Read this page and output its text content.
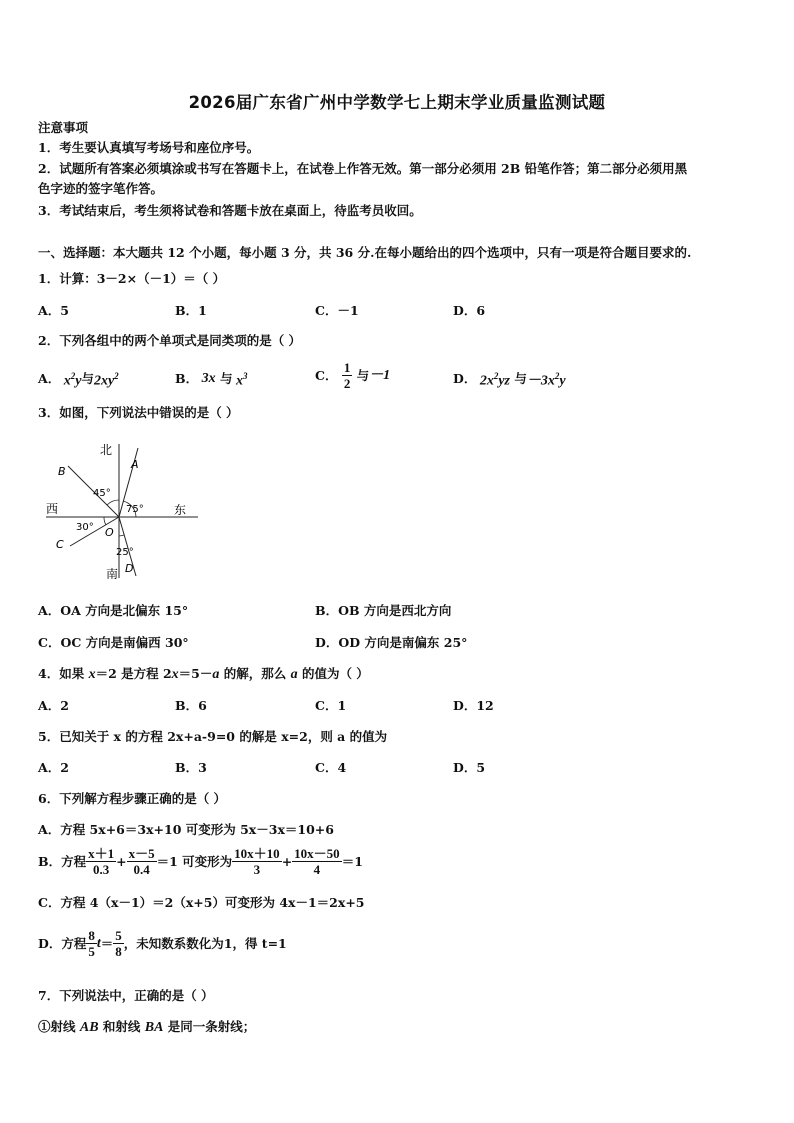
2026届广东省广州中学数学七上期末学业质量监测试题
注意事项
1．考生要认真填写考场号和座位序号。
2．试题所有答案必须填涂或书写在答题卡上，在试卷上作答无效。第一部分必须用 2B 铅笔作答；第二部分必须用黑
色字迹的签字笔作答。
3．考试结束后，考生须将试卷和答题卡放在桌面上，待监考员收回。
一、选择题：本大题共 12 个小题，每小题 3 分，共 36 分.在每小题给出的四个选项中，只有一项是符合题目要求的.
1．计算：3－2×（－1）＝（ ）
A．5	B．1	C．－1	D．6
2．下列各组中的两个单项式是同类项的是（ ）
A． $x^2y$ 与 $2xy^2$	B． 3x
与 $x^3$	C．
$\frac{1}{2}$
与 －1	D． $2x^2yz$
与 $-3x^2y$
3．如图，下列说法中错误的是（ ）
北
南
西	东
A
B
C
D
O
45°
75°
30°
25°
A．OA 方向是北偏东 15°	B．OB 方向是西北方向
C．OC 方向是南偏西 30°	D．OD 方向是南偏东 25°
4．如果 x＝2 是方程 2x＝5－a 的解，那么 a 的值为（ ）
A．2	B．6	C．1	D．12
5．已知关于 x 的方程 2x+a-9=0 的解是 x=2，则 a 的值为
A．2	B．3	C．4	D．5
6．下列解方程步骤正确的是（ ）
A．方程 5x+6＝3x+10 可变形为 5x－3x＝10+6
B．方程 $\frac{x+1}{0.3} + \frac{x-5}{0.4} =1$
可变形为 $\frac{10x+10}{3} + \frac{10x-50}{4} =1$
C．方程 4（x－1）＝2（x+5）可变形为 4x－1＝2x+5
D．方程 $\frac{8}{5}$ $t = \frac{5}{8}$ ，未知数系数化为1，得 t=1
7．下列说法中，正确的是（ ）
①射线 AB 和射线 BA 是同一条射线；
